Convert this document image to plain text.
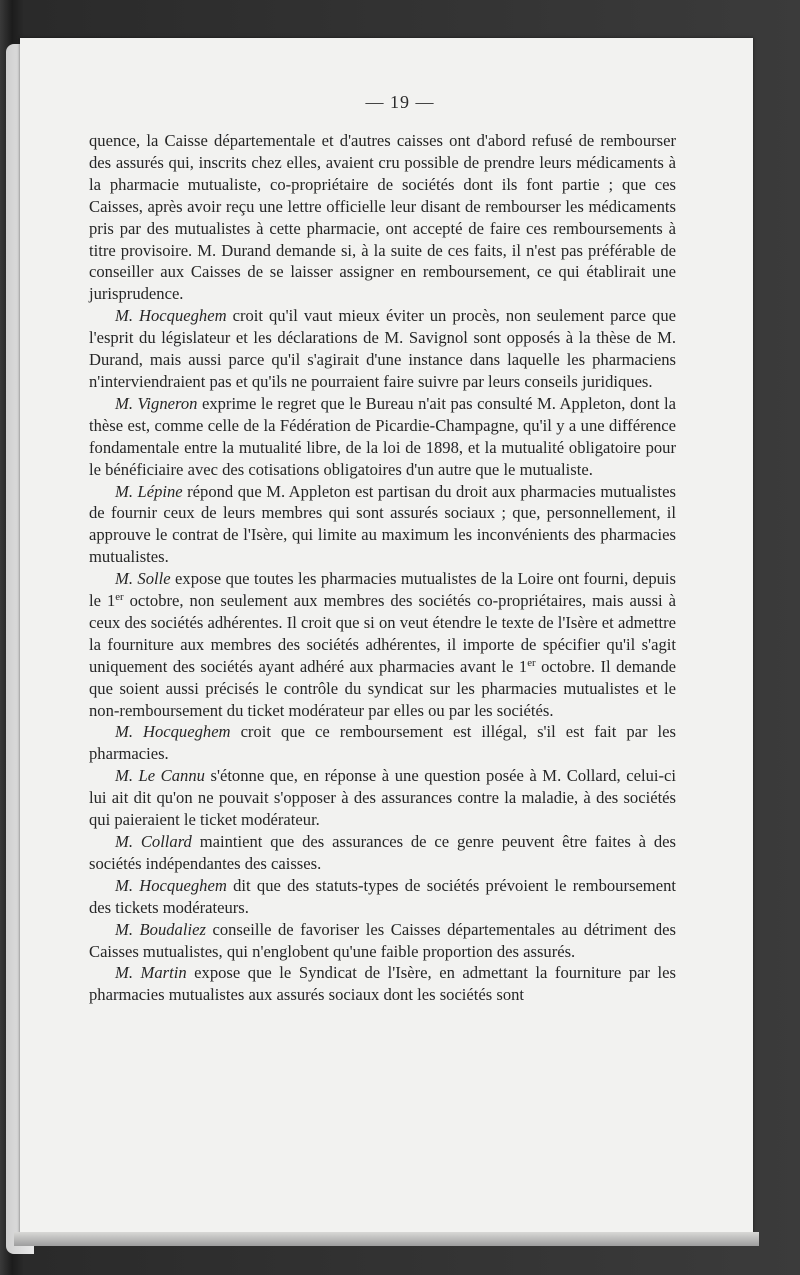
— 19 —

quence, la Caisse départementale et d'autres caisses ont d'abord refusé de rembourser des assurés qui, inscrits chez elles, avaient cru possible de prendre leurs médicaments à la pharmacie mutualiste, co-propriétaire de sociétés dont ils font partie ; que ces Caisses, après avoir reçu une lettre officielle leur disant de rembourser les médicaments pris par des mutualistes à cette pharmacie, ont accepté de faire ces remboursements à titre provisoire. M. Durand demande si, à la suite de ces faits, il n'est pas préférable de conseiller aux Caisses de se laisser assigner en remboursement, ce qui établirait une jurisprudence.

M. Hocqueghem croit qu'il vaut mieux éviter un procès, non seulement parce que l'esprit du législateur et les déclarations de M. Savignol sont opposés à la thèse de M. Durand, mais aussi parce qu'il s'agirait d'une instance dans laquelle les pharmaciens n'interviendraient pas et qu'ils ne pourraient faire suivre par leurs conseils juridiques.

M. Vigneron exprime le regret que le Bureau n'ait pas consulté M. Appleton, dont la thèse est, comme celle de la Fédération de Picardie-Champagne, qu'il y a une différence fondamentale entre la mutualité libre, de la loi de 1898, et la mutualité obligatoire pour le bénéficiaire avec des cotisations obligatoires d'un autre que le mutualiste.

M. Lépine répond que M. Appleton est partisan du droit aux pharmacies mutualistes de fournir ceux de leurs membres qui sont assurés sociaux ; que, personnellement, il approuve le contrat de l'Isère, qui limite au maximum les inconvénients des pharmacies mutualistes.

M. Solle expose que toutes les pharmacies mutualistes de la Loire ont fourni, depuis le 1er octobre, non seulement aux membres des sociétés co-propriétaires, mais aussi à ceux des sociétés adhérentes. Il croit que si on veut étendre le texte de l'Isère et admettre la fourniture aux membres des sociétés adhérentes, il importe de spécifier qu'il s'agit uniquement des sociétés ayant adhéré aux pharmacies avant le 1er octobre. Il demande que soient aussi précisés le contrôle du syndicat sur les pharmacies mutualistes et le non-remboursement du ticket modérateur par elles ou par les sociétés.

M. Hocqueghem croit que ce remboursement est illégal, s'il est fait par les pharmacies.

M. Le Cannu s'étonne que, en réponse à une question posée à M. Collard, celui-ci lui ait dit qu'on ne pouvait s'opposer à des assurances contre la maladie, à des sociétés qui paieraient le ticket modérateur.

M. Collard maintient que des assurances de ce genre peuvent être faites à des sociétés indépendantes des caisses.

M. Hocqueghem dit que des statuts-types de sociétés prévoient le remboursement des tickets modérateurs.

M. Boudaliez conseille de favoriser les Caisses départementales au détriment des Caisses mutualistes, qui n'englobent qu'une faible proportion des assurés.

M. Martin expose que le Syndicat de l'Isère, en admettant la fourniture par les pharmacies mutualistes aux assurés sociaux dont les sociétés sont
